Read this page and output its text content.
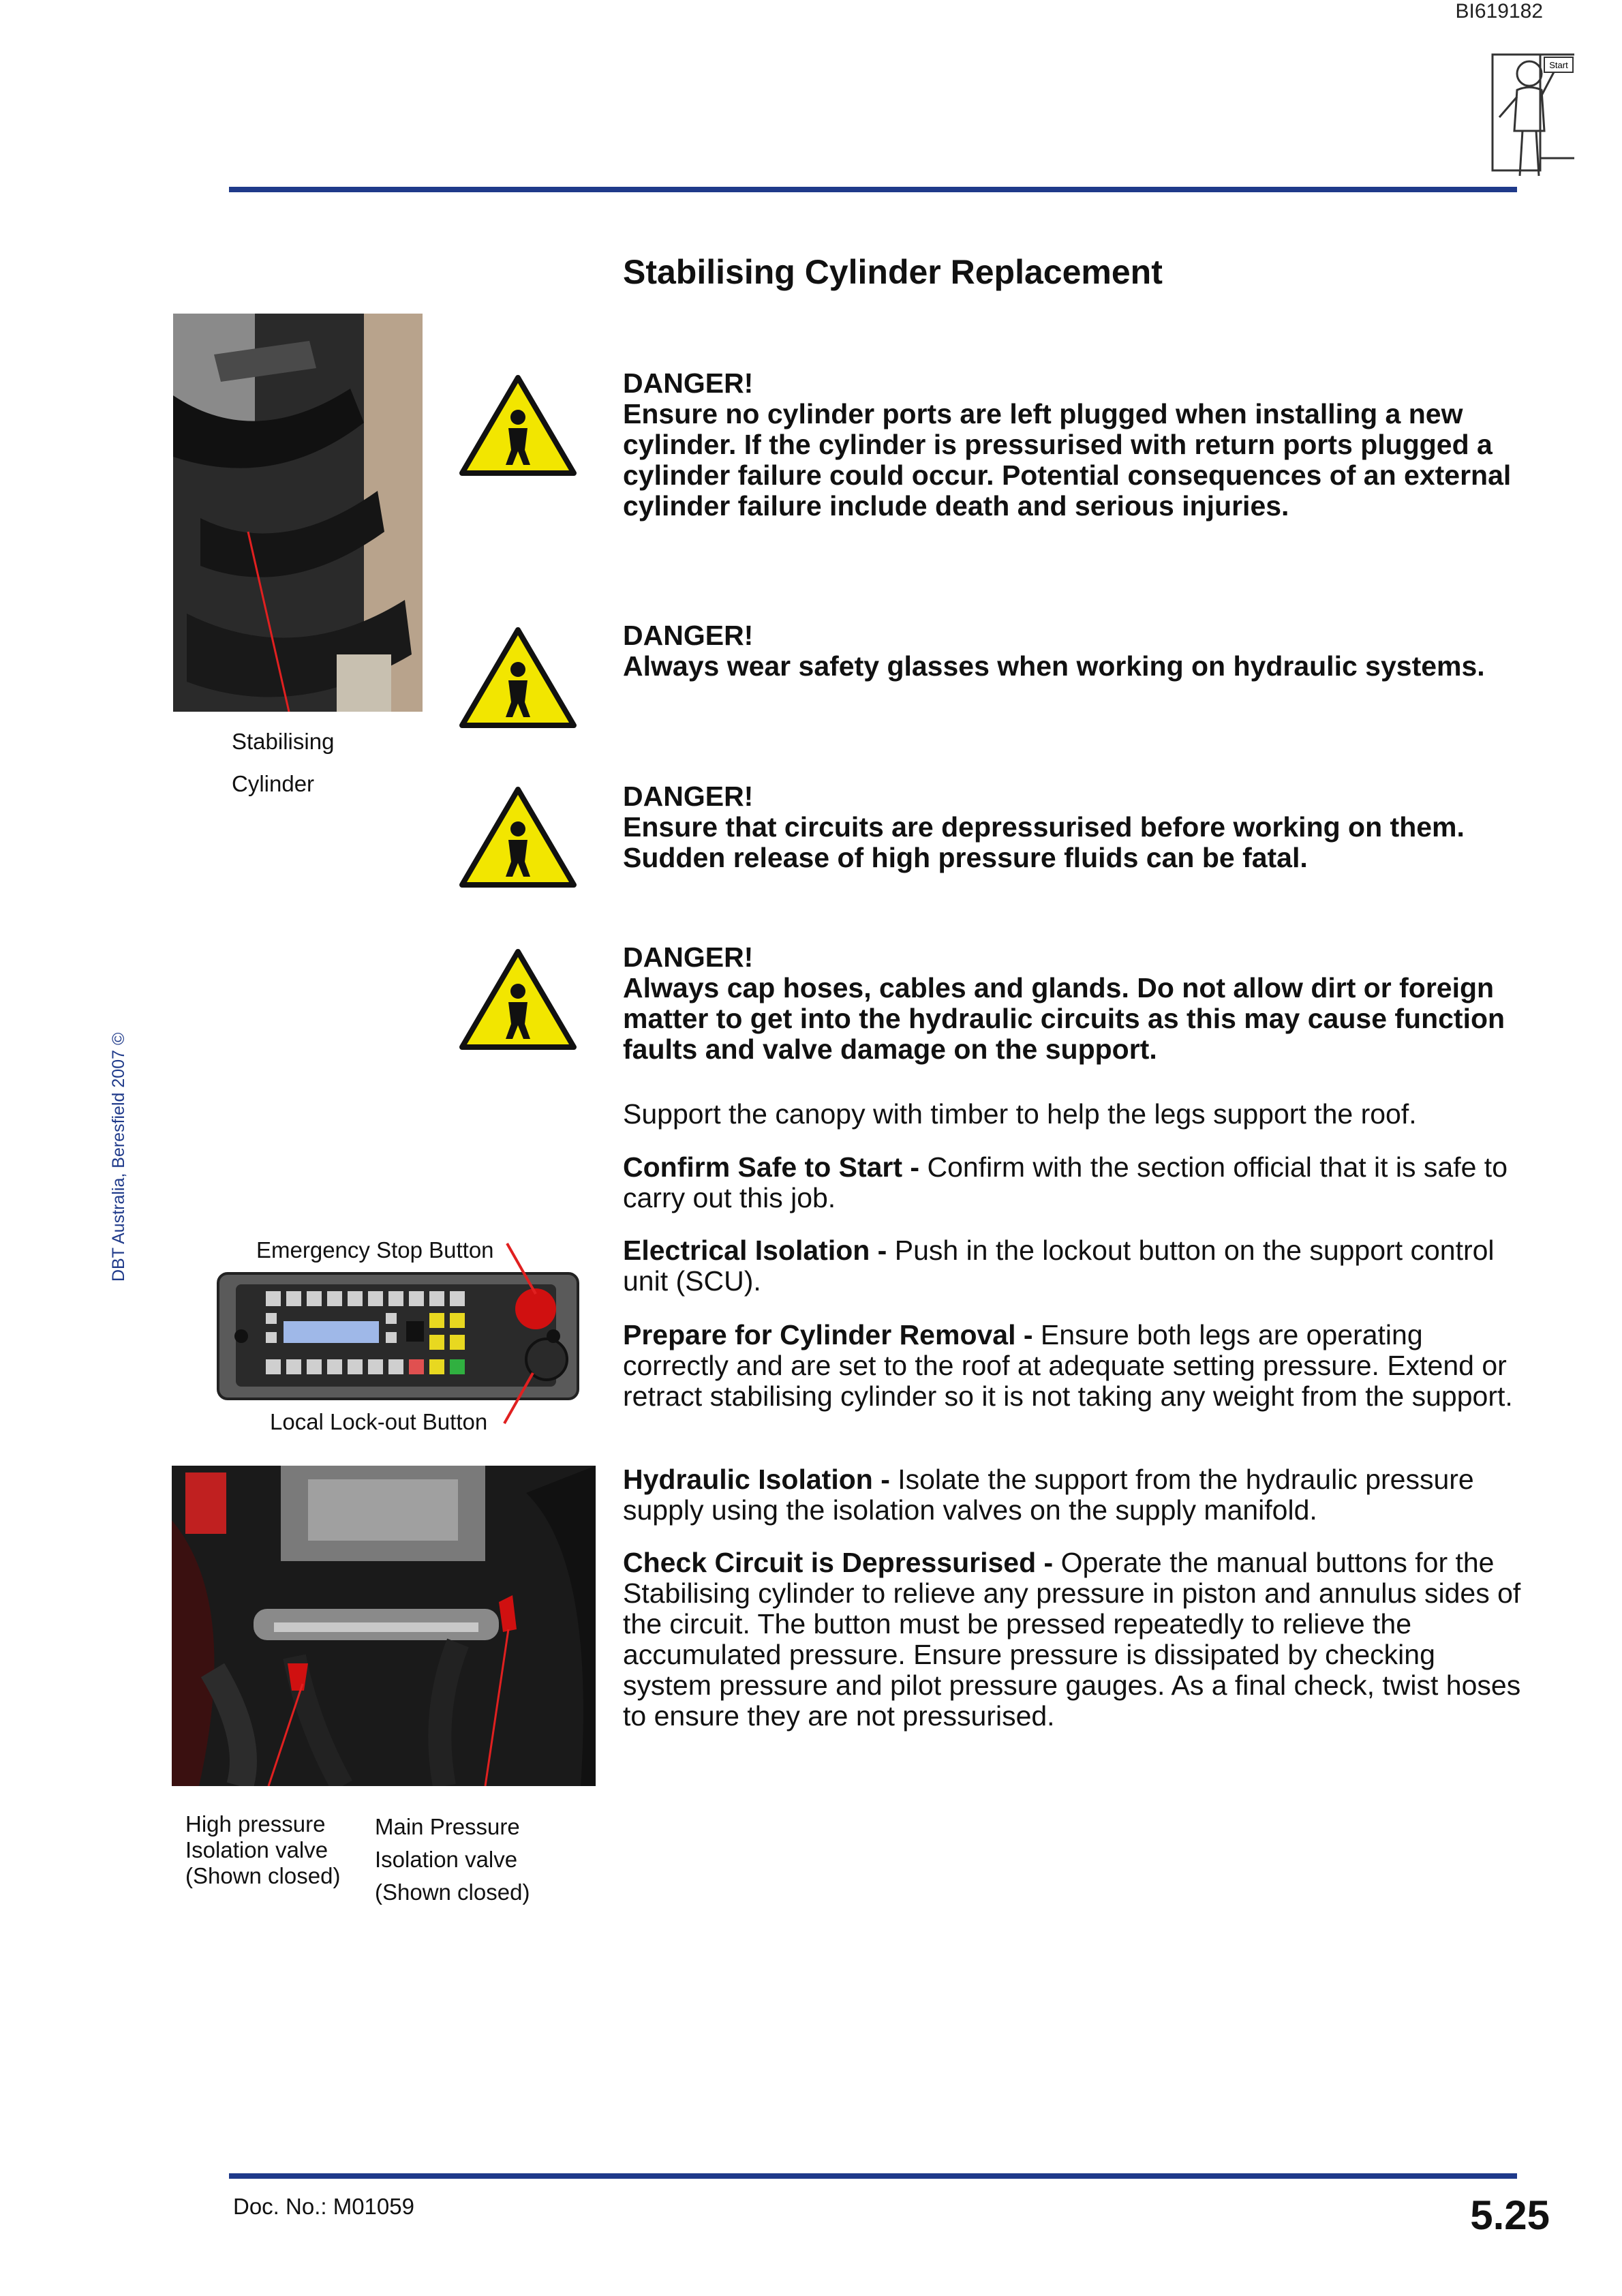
BI619182
Start
Stabilising Cylinder Replacement
Stabilising
Cylinder
DANGER!
Ensure no cylinder ports are left plugged when installing a new cylinder. If the cylinder is pressurised with return ports plugged a cylinder failure could occur. Potential consequences of an external cylinder failure include death and serious injuries.
DANGER!
Always wear safety glasses when working on hydraulic systems.
DANGER!
Ensure that circuits are depressurised before working on them. Sudden release of high pressure fluids can be fatal.
DANGER!
Always cap hoses, cables and glands. Do not allow dirt or foreign matter to get into the hydraulic circuits as this may cause function faults and valve damage on the support.
Support the canopy with timber to help the legs support the roof.
Confirm Safe to Start - Confirm with the section official that it is safe to carry out this job.
Electrical Isolation - Push in the lockout button on the support control unit (SCU).
Prepare for Cylinder Removal - Ensure both legs are operating correctly and are set to the roof at adequate setting pressure. Extend or retract stabilising cylinder so it is not taking any weight from the support.
Hydraulic Isolation - Isolate the support from the hydraulic pressure supply using the isolation valves on the supply manifold.
Check Circuit is Depressurised - Operate the manual buttons for the Stabilising cylinder to relieve any pressure in piston and annulus sides of the circuit. The button must be pressed repeatedly to relieve the accumulated pressure. Ensure pressure is dissipated by checking system pressure and pilot pressure gauges. As a final check, twist hoses to ensure they are not pressurised.
Emergency Stop Button
Local Lock-out Button
High pressure
Isolation valve
(Shown closed)
Main Pressure
Isolation valve
(Shown closed)
DBT Australia, Beresfield 2007 ©
Doc. No.: M01059	5.25
